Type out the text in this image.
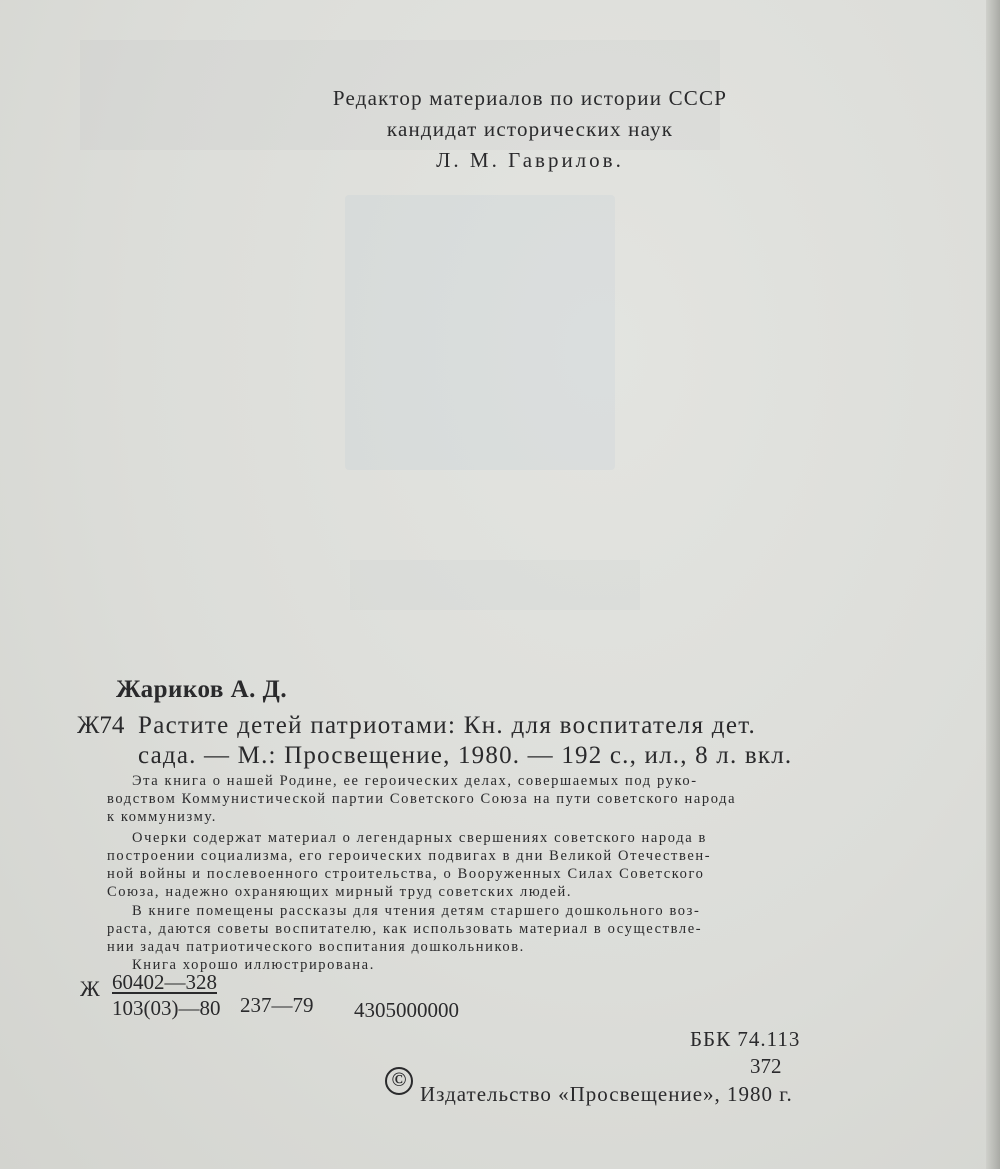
Редактор материалов по истории СССР
кандидат исторических наук
Л. М. Гаврилов.
Жариков А. Д.
Ж74 Растите детей патриотами: Кн. для воспитателя дет.
сада. — М.: Просвещение, 1980. — 192 с., ил., 8 л. вкл.
Эта книга о нашей Родине, ее героических делах, совершаемых под руко-
водством Коммунистической партии Советского Союза на пути советского народа
к коммунизму.
Очерки содержат материал о легендарных свершениях советского народа в
построении социализма, его героических подвигах в дни Великой Отечествен-
ной войны и послевоенного строительства, о Вооруженных Силах Советского
Союза, надежно охраняющих мирный труд советских людей.
В книге помещены рассказы для чтения детям старшего дошкольного воз-
раста, даются советы воспитателю, как использовать материал в осуществле-
нии задач патриотического воспитания дошкольников.
Книга хорошо иллюстрирована.
Ж 60402—328
103(03)—80 237—79 4305000000
ББК 74.113
372
©
Издательство «Просвещение», 1980 г.
